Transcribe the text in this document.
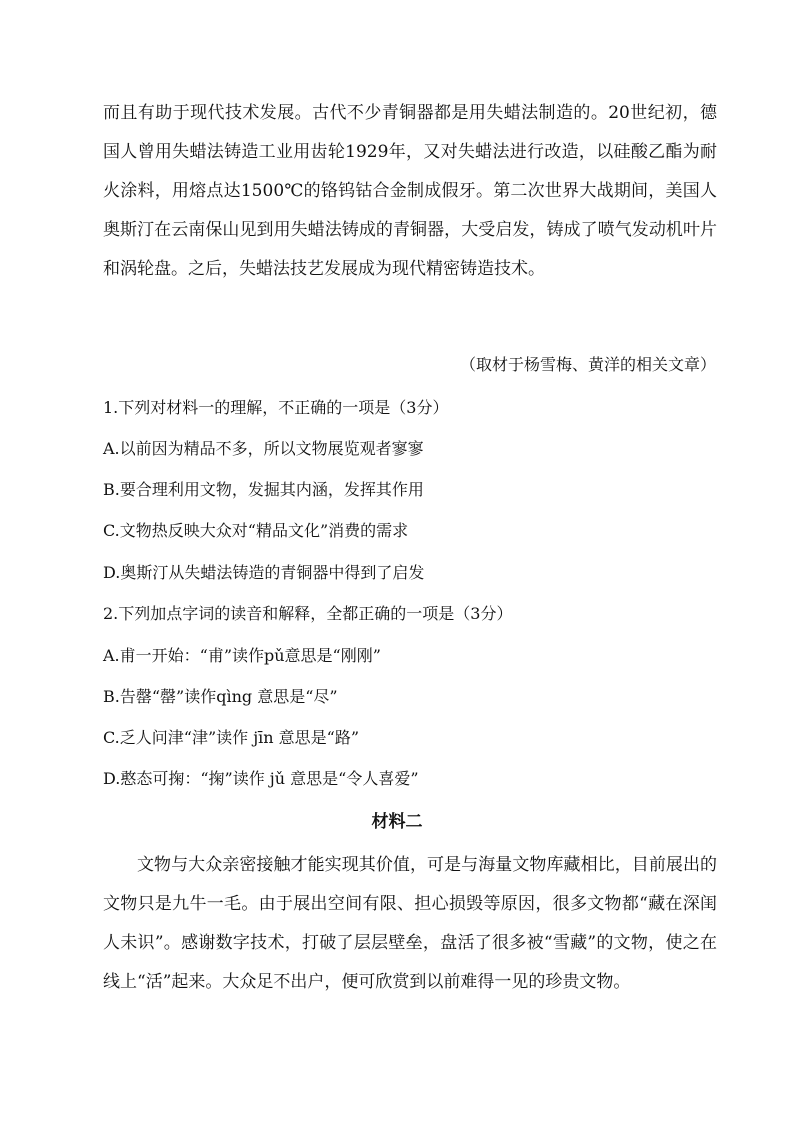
而且有助于现代技术发展。古代不少青铜器都是用失蜡法制造的。20世纪初，德国人曾用失蜡法铸造工业用齿轮1929年，又对失蜡法进行改造，以硅酸乙酯为耐火涂料，用熔点达1500℃的铬钨钴合金制成假牙。第二次世界大战期间，美国人奥斯汀在云南保山见到用失蜡法铸成的青铜器，大受启发，铸成了喷气发动机叶片和涡轮盘。之后，失蜡法技艺发展成为现代精密铸造技术。

（取材于杨雪梅、黄洋的相关文章）

1.下列对材料一的理解，不正确的一项是（3分）

A.以前因为精品不多，所以文物展览观者寥寥

B.要合理利用文物，发掘其内涵，发挥其作用

C.文物热反映大众对“精品文化”消费的需求

D.奥斯汀从失蜡法铸造的青铜器中得到了启发

2.下列加点字词的读音和解释，全都正确的一项是（3分）

A.甫一开始：“甫”读作pǔ意思是“刚刚”

B.告罄“罄”读作qìng 意思是“尽”

C.乏人问津“津”读作 jīn 意思是“路”

D.憨态可掬：“掬”读作 jǔ 意思是“令人喜爱”

材料二

文物与大众亲密接触才能实现其价值，可是与海量文物库藏相比，目前展出的文物只是九牛一毛。由于展出空间有限、担心损毁等原因，很多文物都“藏在深闺人未识”。感谢数字技术，打破了层层壁垒，盘活了很多被“雪藏”的文物，使之在线上“活”起来。大众足不出户，便可欣赏到以前难得一见的珍贵文物。
